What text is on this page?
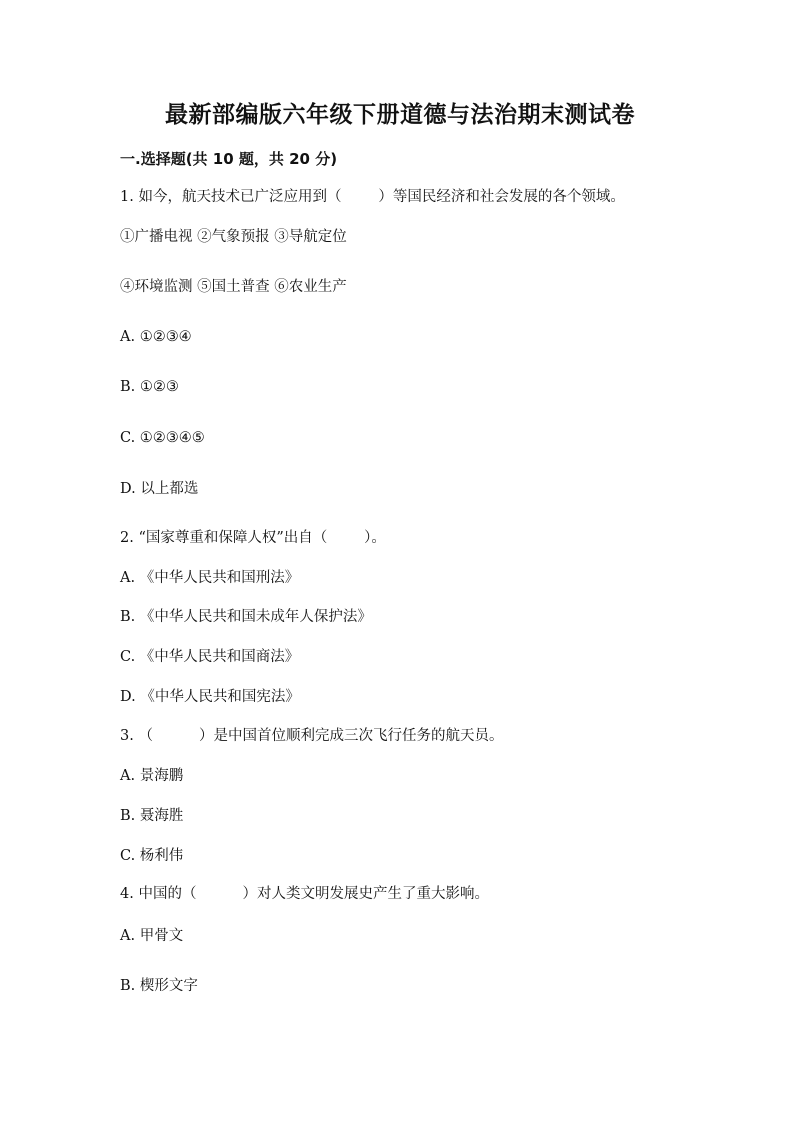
最新部编版六年级下册道德与法治期末测试卷
一.选择题(共 10 题，共 20 分)
1. 如今，航天技术已广泛应用到（        ）等国民经济和社会发展的各个领域。
①广播电视 ②气象预报 ③导航定位
④环境监测 ⑤国土普查 ⑥农业生产
A. ①②③④
B. ①②③
C. ①②③④⑤
D. 以上都选
2. “国家尊重和保障人权”出自（        ）。
A. 《中华人民共和国刑法》
B. 《中华人民共和国未成年人保护法》
C. 《中华人民共和国商法》
D. 《中华人民共和国宪法》
3. （          ）是中国首位顺利完成三次飞行任务的航天员。
A. 景海鹏
B. 聂海胜
C. 杨利伟
4. 中国的（          ）对人类文明发展史产生了重大影响。
A. 甲骨文
B. 楔形文字
